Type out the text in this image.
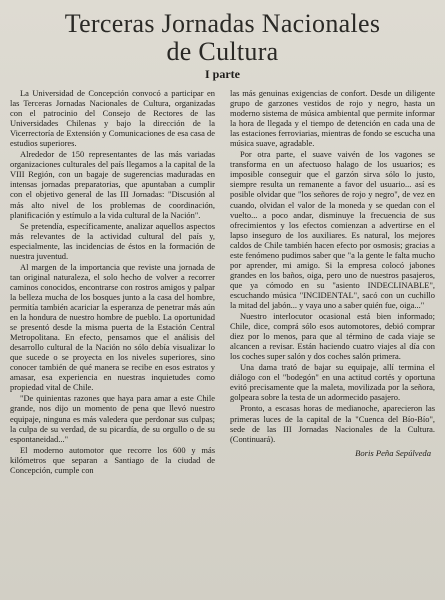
Terceras Jornadas Nacionales
de Cultura
I parte

La Universidad de Concepción convocó a participar en las Terceras Jornadas Nacionales de Cultura, organizadas con el patrocinio del Consejo de Rectores de las Universidades Chilenas y bajo la dirección de la Vicerrectoría de Extensión y Comunicaciones de esa casa de estudios superiores.

Alrededor de 150 representantes de las más variadas organizaciones culturales del país llegamos a la capital de la VIII Región, con un bagaje de sugerencias maduradas en intensas jornadas preparatorias, que apuntaban a cumplir con el objetivo general de las III Jornadas: "Discusión al más alto nivel de los problemas de coordinación, planificación y estímulo a la vida cultural de la Nación".

Se pretendía, específicamente, analizar aquellos aspectos más relevantes de la actividad cultural del país y, especialmente, las incidencias de éstos en la formación de nuestra juventud.

Al margen de la importancia que reviste una jornada de tan original naturaleza, el solo hecho de volver a recorrer caminos conocidos, encontrarse con rostros amigos y palpar la belleza mucha de los bosques junto a la casa del hombre, permitía también acariciar la esperanza de penetrar más aún en la hondura de nuestro hombre de pueblo. La oportunidad se presentó desde la misma puerta de la Estación Central Metropolitana. En efecto, pensamos que el análisis del desarrollo cultural de la Nación no sólo debía visualizar lo que sucede o se proyecta en los niveles superiores, sino conocer también de qué manera se recibe en esos estratos y amasar, esa experiencia en nuestras inquietudes como propiedad vital de Chile.

"De quinientas razones que haya para amar a este Chile grande, nos dijo un momento de pena que llevó nuestro equipaje, ninguna es más valedera que perdonar sus culpas; la culpa de su verdad, de su picardía, de su orgullo o de su espontaneidad..."

El moderno automotor que recorre los 600 y más kilómetros que separan a Santiago de la ciudad de Concepción, cumple con

las más genuinas exigencias de confort. Desde un diligente grupo de garzones vestidos de rojo y negro, hasta un moderno sistema de música ambiental que permite informar la hora de llegada y el tiempo de detención en cada una de las estaciones ferroviarias, mientras de fondo se escucha una música suave, agradable.

Por otra parte, el suave vaivén de los vagones se transforma en un afectuoso halago de los usuarios; es imposible conseguir que el garzón sirva sólo lo justo, siempre resulta un remanente a favor del usuario... así es posible olvidar que "los señores de rojo y negro", de vez en cuando, olvidan el valor de la moneda y se quedan con el vuelto... a poco andar, disminuye la frecuencia de sus ofrecimientos y los efectos comienzan a advertirse en el lapso inseguro de los auxiliares. Es natural, los mejores caldos de Chile también hacen efecto por osmosis; gracias a este fenómeno pudimos saber que "a la gente le falta mucho por aprender, mi amigo. Si la empresa colocó jabones grandes en los baños, oiga, pero uno de nuestros pasajeros, que ya cómodo en su "asiento INDECLINABLE", escuchando música "INCIDENTAL", sacó con un cuchillo la mitad del jabón... y vaya uno a saber quién fue, oiga..."

Nuestro interlocutor ocasional está bien informado; Chile, dice, comprá sólo esos automotores, debió comprar diez por lo menos, para que al término de cada viaje se alcancen a revisar. Están haciendo cuatro viajes al día con los coches super salón y dos coches salón primera.

Una dama trató de bajar su equipaje, allí termina el diálogo con el "bodegón" en una actitud cortés y oportuna evitó precisamente que la maleta, movilizada por la señora, golpeara sobre la testa de un adormecido pasajero.

Pronto, a escasas horas de medianoche, aparecieron las primeras luces de la capital de la "Cuenca del Bío-Bío", sede de las III Jornadas Nacionales de la Cultura. (Continuará).

Boris Peña Sepúlveda
